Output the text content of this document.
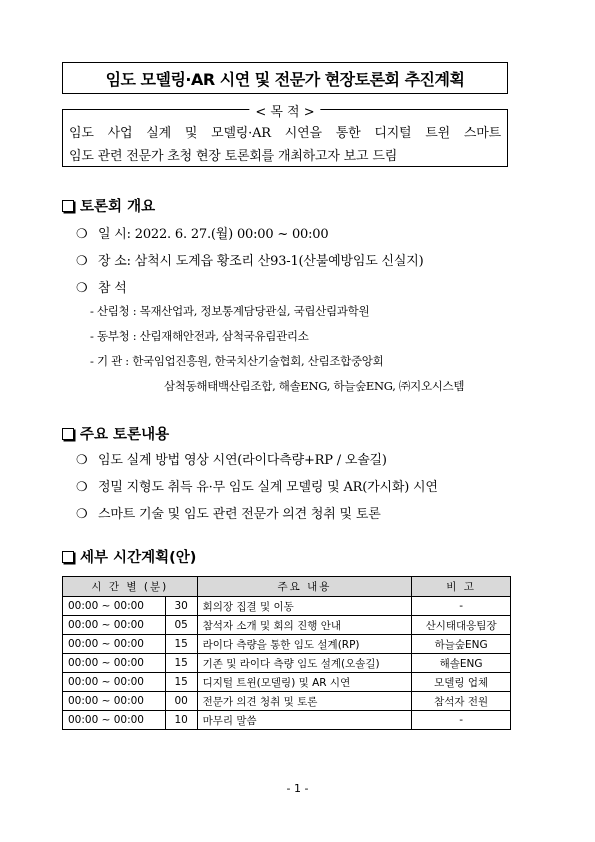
임도 모델링·AR 시연 및 전문가 현장토론회 추진계획
< 목 적 >
임도 사업 실계 및 모델링·AR 시연을 통한 디지털 트윈 스마트
임도 관련 전문가 초청 현장 토론회를 개최하고자 보고 드림
토론회 개요
❍ 일 시: 2022. 6. 27.(월) 00:00 ~ 00:00
❍ 장 소: 삼척시 도계읍 황조리 산93-1(산불예방임도 신실지)
❍ 참 석
- 산림청 : 목재산업과, 정보통계담당관실, 국립산림과학원
- 동부청 : 산림재해안전과, 삼척국유림관리소
- 기 관 : 한국임업진흥원, 한국치산기술협회, 산림조합중앙회
삼척동해태백산림조합, 해솔ENG, 하늘숲ENG, ㈜지오시스템
주요 토론내용
❍ 임도 실계 방법 영상 시연(라이다측량+RP / 오솔길)
❍ 정밀 지형도 취득 유·무 임도 실계 모델링 및 AR(가시화) 시연
❍ 스마트 기술 및 임도 관련 전문가 의견 청취 및 토론
세부 시간계획(안)
시 간 별 (분)		주요 내용	비 고
00:00 ~ 00:00	30	회의장 집결 및 이동	-
00:00 ~ 00:00	05	참석자 소개 및 회의 진행 안내	산시태대응팀장
00:00 ~ 00:00	15	라이다 측량을 통한 임도 설계(RP)	하늘숲ENG
00:00 ~ 00:00	15	기존 및 라이다 측량 임도 설계(오솔길)	해솔ENG
00:00 ~ 00:00	15	디지털 트윈(모델링) 및 AR 시연	모델링 업체
00:00 ~ 00:00	00	전문가 의견 청취 및 토론	참석자 전원
00:00 ~ 00:00	10	마무리 말씀	-
- 1 -
